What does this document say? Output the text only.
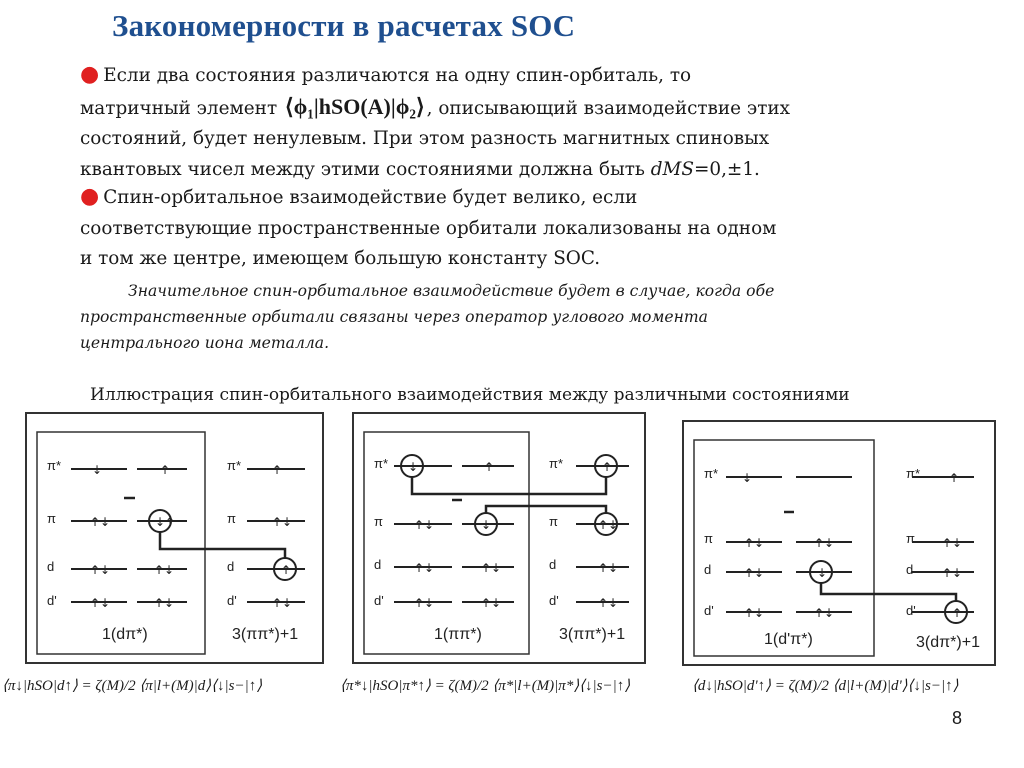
Закономерности в расчетах SOC
● Если два состояния различаются на одну спин-орбиталь, то
матричный элемент ⟨ϕ₁|hSO(A)|ϕ₂⟩ , описывающий взаимодействие этих
состояний, будет ненулевым. При этом разность магнитных спиновых
квантовых чисел между этими состояниями должна быть dMS=0,±1.
● Спин-орбитальное взаимодействие будет велико, если
соответствующие пространственные орбитали локализованы на одном
и том же центре, имеющем большую константу SOC.
Значительное спин-орбитальное взаимодействие будет в случае, когда обе
пространственные орбитали связаны через оператор углового момента
центрального иона металла.
Иллюстрация спин-орбитального взаимодействия между различными состояниями
↓	↑
↑↓	↓↑
↑↓	↑↓
↑↓	↑↓
↑
↑↓
↑
↑↓
π*
π
d
d'
π*
π
d
d'
1(dπ*)	3(ππ*)+1
↓	↑
↑↓	↓
↑↓	↑↓
↑↓	↑↓
↑
↑↓
↑↓
↑↓
π*
π
d
d'
π*
π
d
d'
1(ππ*)	3(ππ*)+1
↓
↑↓	↑↓
↑↓	↓
↑↓	↑↓
↑
↑↓
↑↓
↑
π*
π
d
d'
π*
π
d
d'
1(d'π*)	3(dπ*)+1
⟨π↓|hSO|d↑⟩ = ζ(M)/2 ⟨π|l+(M)|d⟩⟨↓|s−|↑⟩	⟨π*↓|hSO|π*↑⟩ = ζ(M)/2 ⟨π*|l+(M)|π*⟩⟨↓|s−|↑⟩	⟨d↓|hSO|d'↑⟩ = ζ(M)/2 ⟨d|l+(M)|d'⟩⟨↓|s−|↑⟩
8
